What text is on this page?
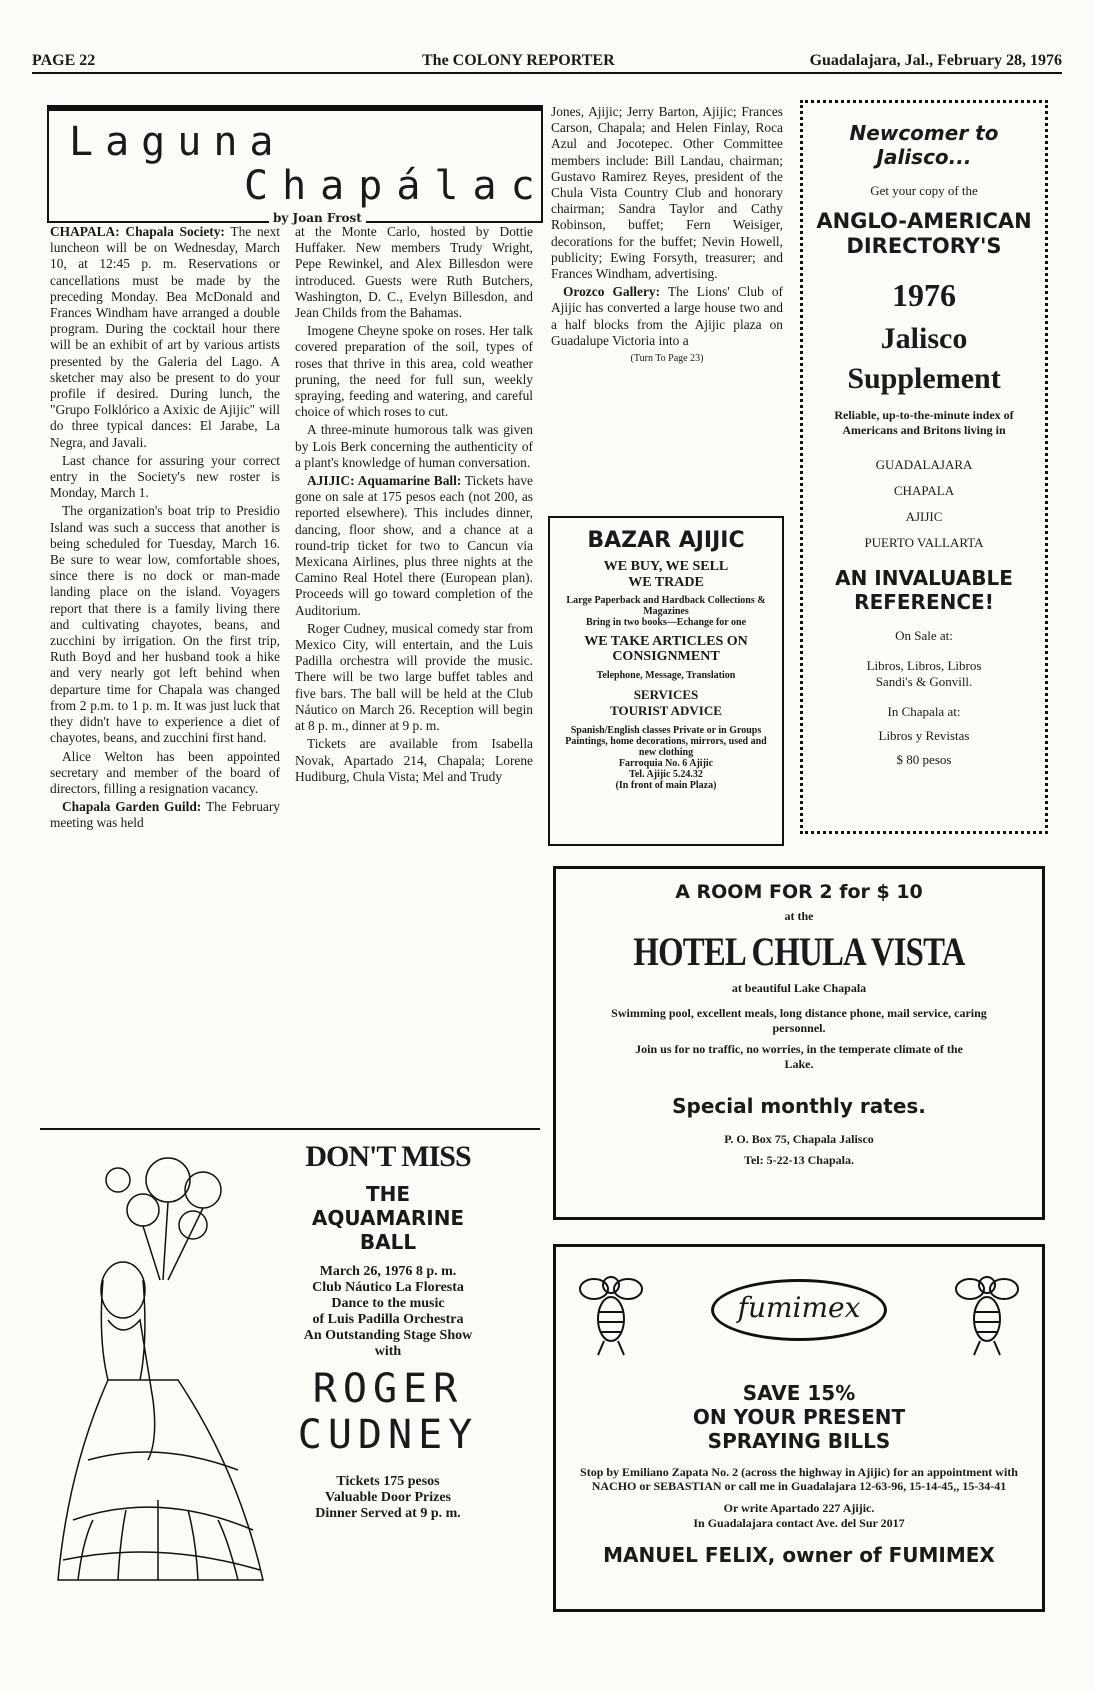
PAGE 22	The COLONY REPORTER	Guadalajara, Jal., February 28, 1976
Laguna
Chapálac
by Joan Frost

CHAPALA: Chapala Society: The next luncheon will be on Wednesday, March 10, at 12:45 p. m. Reservations or cancellations must be made by the preceding Monday. Bea McDonald and Frances Windham have arranged a double program. During the cocktail hour there will be an exhibit of art by various artists presented by the Galeria del Lago. A sketcher may also be present to do your profile if desired. During lunch, the "Grupo Folklórico a Axixic de Ajijic" will do three typical dances: El Jarabe, La Negra, and Javali.

Last chance for assuring your correct entry in the Society's new roster is Monday, March 1.

The organization's boat trip to Presidio Island was such a success that another is being scheduled for Tuesday, March 16. Be sure to wear low, comfortable shoes, since there is no dock or man-made landing place on the island. Voyagers report that there is a family living there and cultivating chayotes, beans, and zucchini by irrigation. On the first trip, Ruth Boyd and her husband took a hike and very nearly got left behind when departure time for Chapala was changed from 2 p.m. to 1 p. m. It was just luck that they didn't have to experience a diet of chayotes, beans, and zucchini first hand.

Alice Welton has been appointed secretary and member of the board of directors, filling a resignation vacancy.

Chapala Garden Guild: The February meeting was held

at the Monte Carlo, hosted by Dottie Huffaker. New members Trudy Wright, Pepe Rewinkel, and Alex Billesdon were introduced. Guests were Ruth Butchers, Washington, D. C., Evelyn Billesdon, and Jean Childs from the Bahamas.

Imogene Cheyne spoke on roses. Her talk covered preparation of the soil, types of roses that thrive in this area, cold weather pruning, the need for full sun, weekly spraying, feeding and watering, and careful choice of which roses to cut.

A three-minute humorous talk was given by Lois Berk concerning the authenticity of a plant's knowledge of human conversation.

AJIJIC: Aquamarine Ball: Tickets have gone on sale at 175 pesos each (not 200, as reported elsewhere). This includes dinner, dancing, floor show, and a chance at a round-trip ticket for two to Cancun via Mexicana Airlines, plus three nights at the Camino Real Hotel there (European plan). Proceeds will go toward completion of the Auditorium.

Roger Cudney, musical comedy star from Mexico City, will entertain, and the Luis Padilla orchestra will provide the music. There will be two large buffet tables and five bars. The ball will be held at the Club Náutico on March 26. Reception will begin at 8 p. m., dinner at 9 p. m.

Tickets are available from Isabella Novak, Apartado 214, Chapala; Lorene Hudiburg, Chula Vista; Mel and Trudy

Jones, Ajijic; Jerry Barton, Ajijic; Frances Carson, Chapala; and Helen Finlay, Roca Azul and Jocotepec. Other Committee members include: Bill Landau, chairman; Gustavo Ramirez Reyes, president of the Chula Vista Country Club and honorary chairman; Sandra Taylor and Cathy Robinson, buffet; Fern Weisiger, decorations for the buffet; Nevin Howell, publicity; Ewing Forsyth, treasurer; and Frances Windham, advertising.

Orozco Gallery: The Lions' Club of Ajijic has converted a large house two and a half blocks from the Ajijic plaza on Guadalupe Victoria into a

(Turn To Page 23)

BAZAR AJIJIC
WE BUY, WE SELL
WE TRADE
Large Paperback and Hardback Collections & Magazines
Bring in two books—Echange for one
WE TAKE ARTICLES ON CONSIGNMENT
Telephone, Message, Translation
SERVICES
TOURIST ADVICE
Spanish/English classes Private or in Groups
Paintings, home decorations, mirrors, used and new clothing
Farroquia No. 6 Ajijic
Tel. Ajijic 5.24.32
(In front of main Plaza)
Newcomer to Jalisco...
Get your copy of the
ANGLO-AMERICAN DIRECTORY'S
1976
Jalisco
Supplement
Reliable, up-to-the-minute index of Americans and Britons living in
GUADALAJARA
CHAPALA
AJIJIC
PUERTO VALLARTA
AN INVALUABLE REFERENCE!
On Sale at:
Libros, Libros, Libros
Sandi's & Gonvill.
In Chapala at:
Libros y Revistas
$ 80 pesos
A ROOM FOR 2 for $ 10
at the
HOTEL CHULA VISTA
at beautiful Lake Chapala
Swimming pool, excellent meals, long distance phone, mail service, caring personnel.
Join us for no traffic, no worries, in the temperate climate of the Lake.
Special monthly rates.
P. O. Box 75, Chapala Jalisco
Tel: 5-22-13 Chapala.
DON'T MISS
THE AQUAMARINE BALL
March 26, 1976 8 p. m.
Club Náutico La Floresta
Dance to the music
of Luis Padilla Orchestra
An Outstanding Stage Show
with
ROGER
CUDNEY
Tickets 175 pesos
Valuable Door Prizes
Dinner Served at 9 p. m.
fumimex
SAVE 15%
ON YOUR PRESENT
SPRAYING BILLS
Stop by Emiliano Zapata No. 2 (across the highway in Ajijic) for an appointment with NACHO or SEBASTIAN or call me in Guadalajara 12-63-96, 15-14-45,, 15-34-41
Or write Apartado 227 Ajijic.
In Guadalajara contact Ave. del Sur 2017
MANUEL FELIX, owner of FUMIMEX
